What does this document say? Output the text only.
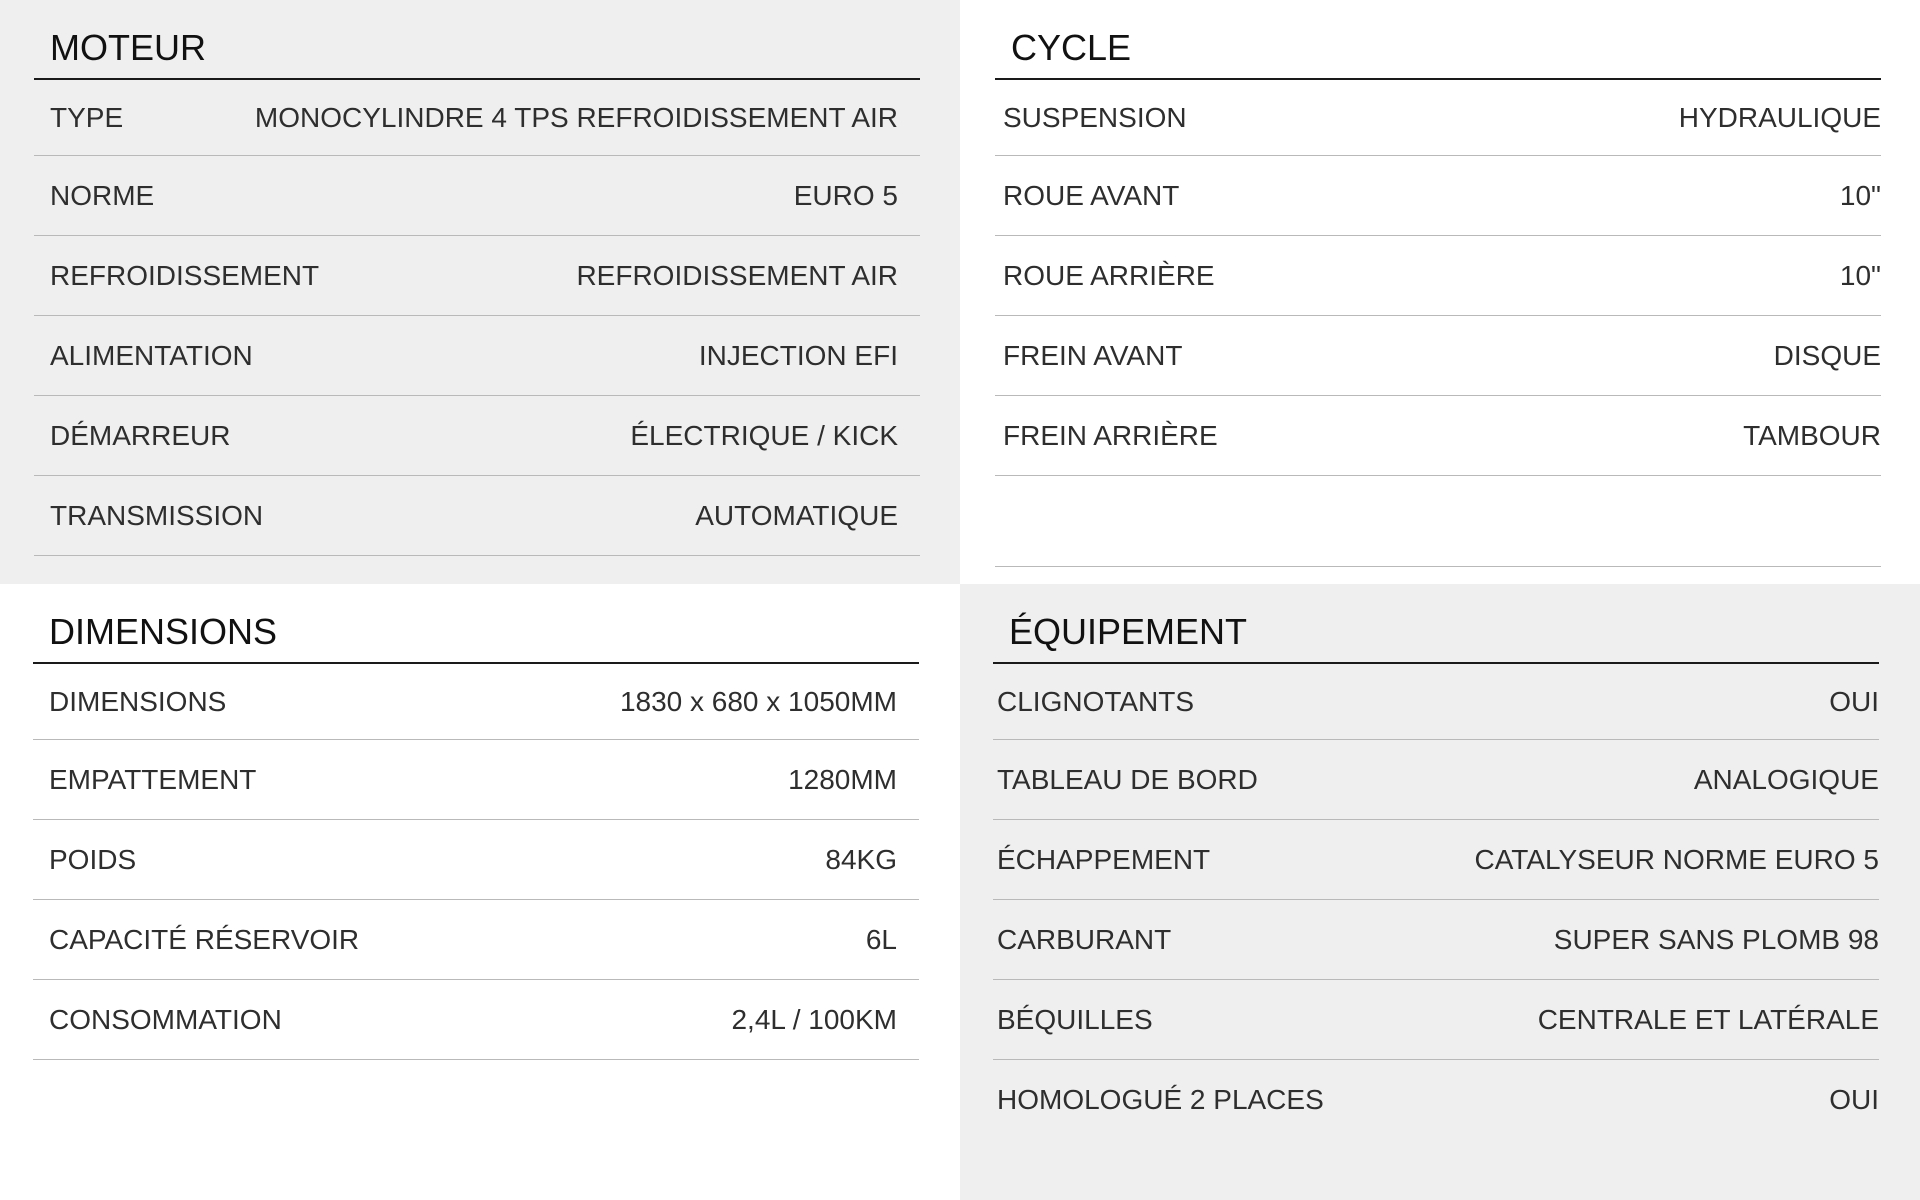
MOTEUR
TYPE	MONOCYLINDRE 4 TPS REFROIDISSEMENT AIR
NORME	EURO 5
REFROIDISSEMENT	REFROIDISSEMENT AIR
ALIMENTATION	INJECTION EFI
DÉMARREUR	ÉLECTRIQUE / KICK
TRANSMISSION	AUTOMATIQUE
CYCLE
SUSPENSION	HYDRAULIQUE
ROUE AVANT	10"
ROUE ARRIÈRE	10"
FREIN AVANT	DISQUE
FREIN ARRIÈRE	TAMBOUR
DIMENSIONS
DIMENSIONS	1830 x 680 x 1050MM
EMPATTEMENT	1280MM
POIDS	84KG
CAPACITÉ RÉSERVOIR	6L
CONSOMMATION	2,4L / 100KM
ÉQUIPEMENT
CLIGNOTANTS	OUI
TABLEAU DE BORD	ANALOGIQUE
ÉCHAPPEMENT	CATALYSEUR NORME EURO 5
CARBURANT	SUPER SANS PLOMB 98
BÉQUILLES	CENTRALE ET LATÉRALE
HOMOLOGUÉ 2 PLACES	OUI
